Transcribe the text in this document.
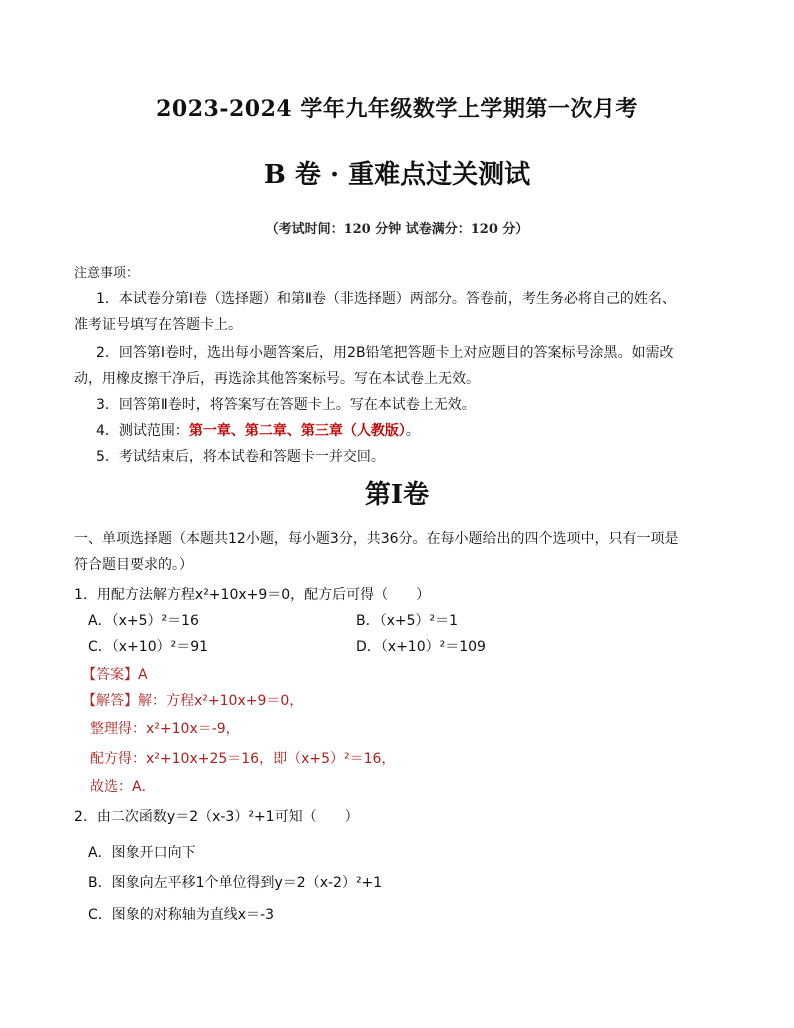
2023-2024 学年九年级数学上学期第一次月考
B 卷 · 重难点过关测试
（考试时间：120 分钟 试卷满分：120 分）
注意事项：
1．本试卷分第Ⅰ卷（选择题）和第Ⅱ卷（非选择题）两部分。答卷前，考生务必将自己的姓名、
准考证号填写在答题卡上。
2．回答第Ⅰ卷时，选出每小题答案后，用2B铅笔把答题卡上对应题目的答案标号涂黑。如需改
动，用橡皮擦干净后，再选涂其他答案标号。写在本试卷上无效。
3．回答第Ⅱ卷时，将答案写在答题卡上。写在本试卷上无效。
4．测试范围：第一章、第二章、第三章（人教版）。
5．考试结束后，将本试卷和答题卡一并交回。
第Ⅰ卷
一、单项选择题（本题共12小题，每小题3分，共36分。在每小题给出的四个选项中，只有一项是
符合题目要求的。）
1．用配方法解方程x²+10x+9＝0，配方后可得（　　）
A．（x+5）²＝16	B．（x+5）²＝1
C．（x+10）²＝91	D．（x+10）²＝109
【答案】A
【解答】解：方程x²+10x+9＝0，
整理得：x²+10x＝-9，
配方得：x²+10x+25＝16，即（x+5）²＝16，
故选：A．
2．由二次函数y＝2（x-3）²+1可知（　　）
A．图象开口向下
B．图象向左平移1个单位得到y＝2（x-2）²+1
C．图象的对称轴为直线x＝-3
